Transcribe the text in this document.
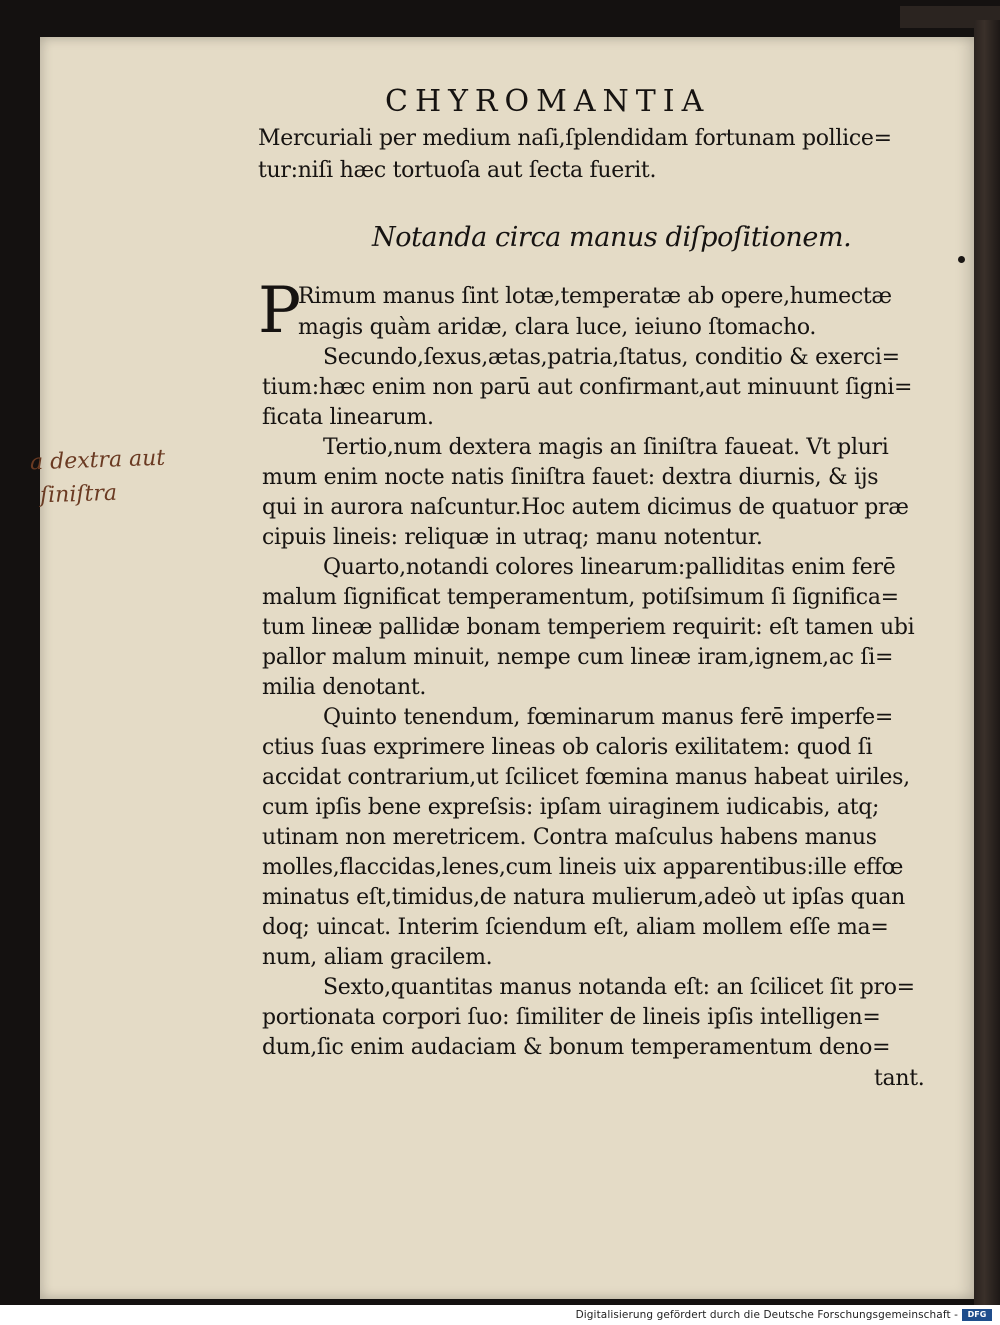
CHYROMANTIA
Mercuriali per medium naſi,ſplendidam fortunam pollice=
tur:niſi hæc tortuoſa aut ſecta fuerit.
Notanda circa manus diſpoſitionem.
P
Rimum manus ſint lotæ,temperatæ ab opere,humectæ
magis quàm aridæ, clara luce, ieiuno ſtomacho.
Secundo,ſexus,ætas,patria,ſtatus, conditio & exerci=
tium:hæc enim non parū aut confirmant,aut minuunt ſigni=
ficata linearum.
Tertio,num dextera magis an ſiniſtra faueat. Vt pluri
mum enim nocte natis ſiniſtra fauet: dextra diurnis, & ijs
qui in aurora naſcuntur.Hoc autem dicimus de quatuor præ
cipuis lineis: reliquæ in utraq; manu notentur.
Quarto,notandi colores linearum:palliditas enim ferē
malum ſignificat temperamentum, potiſsimum ſi ſignifica=
tum lineæ pallidæ bonam temperiem requirit: eſt tamen ubi
pallor malum minuit, nempe cum lineæ iram,ignem,ac ſi=
milia denotant.
Quinto tenendum, fœminarum manus ferē imperfe=
ctius ſuas exprimere lineas ob caloris exilitatem: quod ſi
accidat contrarium,ut ſcilicet fœmina manus habeat uiriles,
cum ipſis bene expreſsis: ipſam uiraginem iudicabis, atq;
utinam non meretricem. Contra maſculus habens manus
molles,flaccidas,lenes,cum lineis uix apparentibus:ille effœ
minatus eſt,timidus,de natura mulierum,adeò ut ipſas quan
doq; uincat. Interim ſciendum eſt, aliam mollem eſſe ma=
num, aliam gracilem.
Sexto,quantitas manus notanda eſt: an ſcilicet ſit pro=
portionata corpori ſuo: ſimiliter de lineis ipſis intelligen=
dum,ſic enim audaciam & bonum temperamentum deno=
tant.
a dextra aut
ſiniſtra
Digitalisierung gefördert durch die Deutsche Forschungsgemeinschaft -	DFG
